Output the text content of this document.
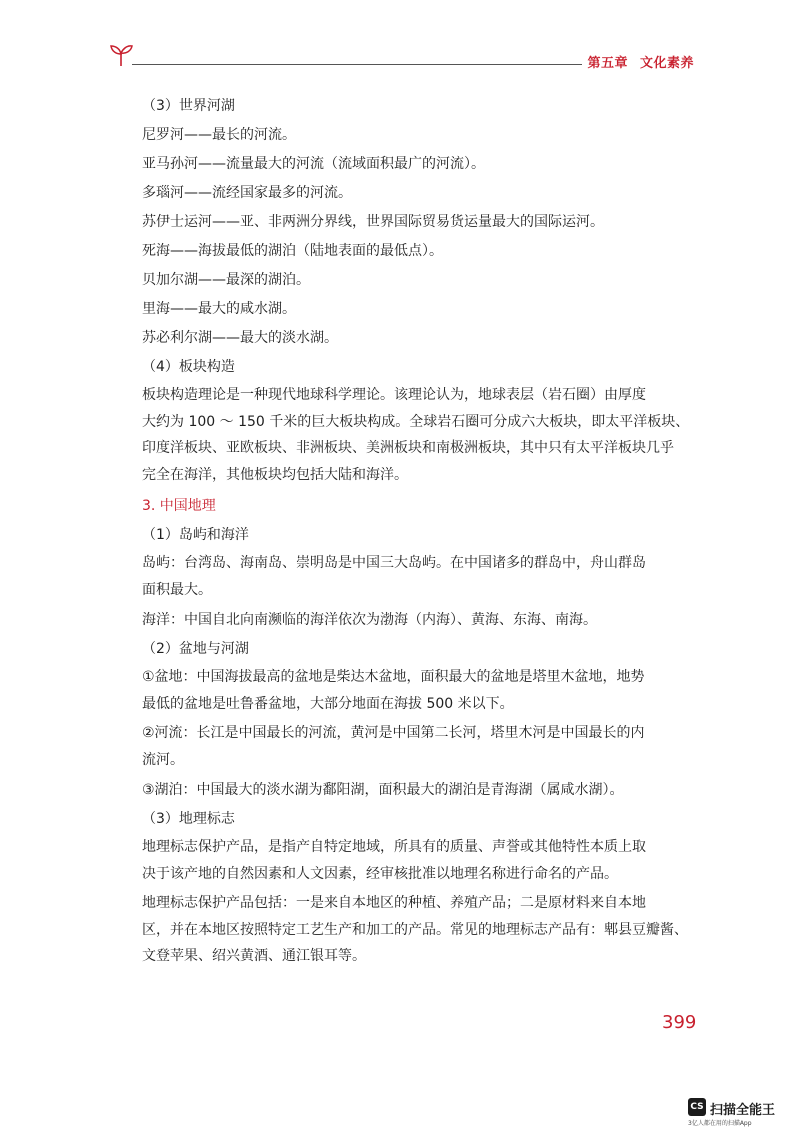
第五章 文化素养
（3）世界河湖
尼罗河——最长的河流。
亚马孙河——流量最大的河流（流域面积最广的河流）。
多瑙河——流经国家最多的河流。
苏伊士运河——亚、非两洲分界线，世界国际贸易货运量最大的国际运河。
死海——海拔最低的湖泊（陆地表面的最低点）。
贝加尔湖——最深的湖泊。
里海——最大的咸水湖。
苏必利尔湖——最大的淡水湖。
（4）板块构造
板块构造理论是一种现代地球科学理论。该理论认为，地球表层（岩石圈）由厚度
大约为 100 ～ 150 千米的巨大板块构成。全球岩石圈可分成六大板块，即太平洋板块、
印度洋板块、亚欧板块、非洲板块、美洲板块和南极洲板块，其中只有太平洋板块几乎
完全在海洋，其他板块均包括大陆和海洋。
3. 中国地理
（1）岛屿和海洋
岛屿：台湾岛、海南岛、崇明岛是中国三大岛屿。在中国诸多的群岛中，舟山群岛
面积最大。
海洋：中国自北向南濒临的海洋依次为渤海（内海）、黄海、东海、南海。
（2）盆地与河湖
①盆地：中国海拔最高的盆地是柴达木盆地，面积最大的盆地是塔里木盆地，地势
最低的盆地是吐鲁番盆地，大部分地面在海拔 500 米以下。
②河流：长江是中国最长的河流，黄河是中国第二长河，塔里木河是中国最长的内
流河。
③湖泊：中国最大的淡水湖为鄱阳湖，面积最大的湖泊是青海湖（属咸水湖）。
（3）地理标志
地理标志保护产品，是指产自特定地域，所具有的质量、声誉或其他特性本质上取
决于该产地的自然因素和人文因素，经审核批准以地理名称进行命名的产品。
地理标志保护产品包括：一是来自本地区的种植、养殖产品；二是原材料来自本地
区，并在本地区按照特定工艺生产和加工的产品。常见的地理标志产品有：郫县豆瓣酱、
文登苹果、绍兴黄酒、通江银耳等。
399
CS 扫描全能王
3亿人都在用的扫描App
